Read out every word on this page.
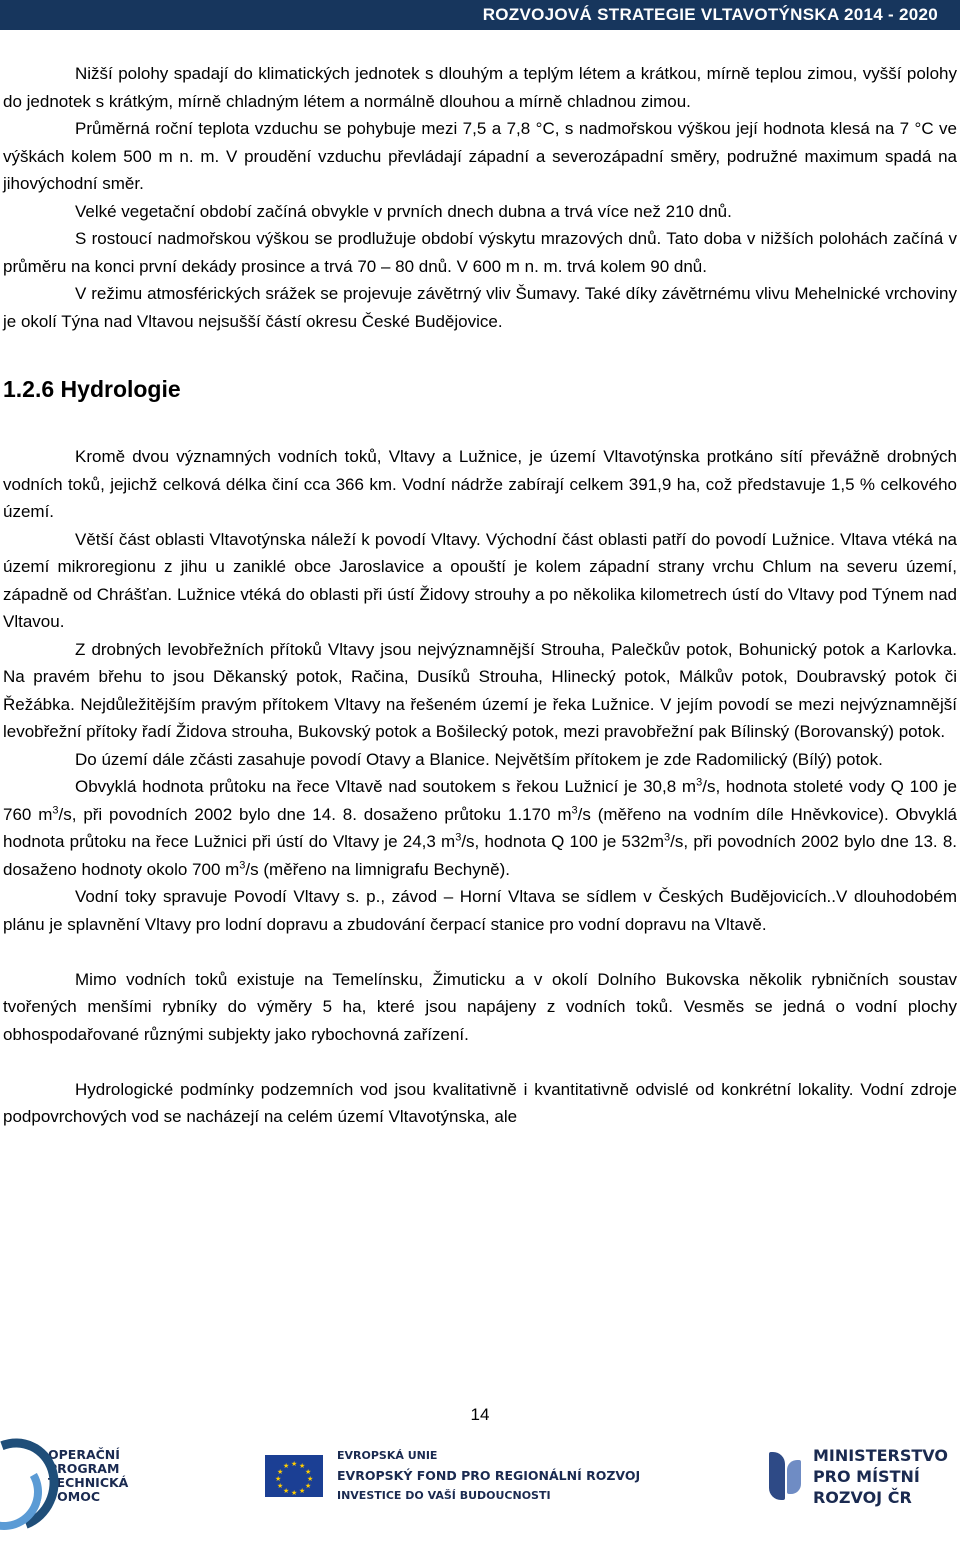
ROZVOJOVÁ STRATEGIE VLTAVOTÝNSKA 2014 - 2020

Nižší polohy spadají do klimatických jednotek s dlouhým a teplým létem a krátkou, mírně teplou zimou, vyšší polohy do jednotek s krátkým, mírně chladným létem a normálně dlouhou a mírně chladnou zimou.

Průměrná roční teplota vzduchu se pohybuje mezi 7,5 a 7,8 °C, s nadmořskou výškou její hodnota klesá na 7 °C ve výškách kolem 500 m n. m. V proudění vzduchu převládají západní a severozápadní směry, podružné maximum spadá na jihovýchodní směr.

Velké vegetační období začíná obvykle v prvních dnech dubna a trvá více než 210 dnů.

S rostoucí nadmořskou výškou se prodlužuje období výskytu mrazových dnů. Tato doba v nižších polohách začíná v průměru na konci první dekády prosince a trvá 70 – 80 dnů. V 600 m n. m. trvá kolem 90 dnů.

V režimu atmosférických srážek se projevuje závětrný vliv Šumavy. Také díky závětrnému vlivu Mehelnické vrchoviny je okolí Týna nad Vltavou nejsušší částí okresu České Budějovice.

1.2.6 Hydrologie

Kromě dvou významných vodních toků, Vltavy a Lužnice, je území Vltavotýnska protkáno sítí převážně drobných vodních toků, jejichž celková délka činí cca 366 km. Vodní nádrže zabírají celkem 391,9 ha, což představuje 1,5 % celkového území.

Větší část oblasti Vltavotýnska náleží k povodí Vltavy. Východní část oblasti patří do povodí Lužnice. Vltava vtéká na území mikroregionu z jihu u zaniklé obce Jaroslavice a opouští je kolem západní strany vrchu Chlum na severu území, západně od Chrášťan. Lužnice vtéká do oblasti při ústí Židovy strouhy a po několika kilometrech ústí do Vltavy pod Týnem nad Vltavou.

Z drobných levobřežních přítoků Vltavy jsou nejvýznamnější Strouha, Palečkův potok, Bohunický potok a Karlovka. Na pravém břehu to jsou Děkanský potok, Račina, Dusíků Strouha, Hlinecký potok, Málkův potok, Doubravský potok či Řežábka. Nejdůležitějším pravým přítokem Vltavy na řešeném území je řeka Lužnice. V jejím povodí se mezi nejvýznamnější levobřežní přítoky řadí Židova strouha, Bukovský potok a Bošilecký potok, mezi pravobřežní pak Bílinský (Borovanský) potok.

Do území dále zčásti zasahuje povodí Otavy a Blanice. Největším přítokem je zde Radomilický (Bílý) potok.

Obvyklá hodnota průtoku na řece Vltavě nad soutokem s řekou Lužnicí je 30,8 $m^3/s$, hodnota stoleté vody Q 100 je 760 $m^3/s$, při povodních 2002 bylo dne 14. 8. dosaženo průtoku 1.170 $m^3/s$ (měřeno na vodním díle Hněvkovice). Obvyklá hodnota průtoku na řece Lužnici při ústí do Vltavy je 24,3 $m^3/s$, hodnota Q 100 je $532m^3/s$, při povodních 2002 bylo dne 13. 8. dosaženo hodnoty okolo 700 $m^3/s$ (měřeno na limnigrafu Bechyně).

Vodní toky spravuje Povodí Vltavy s. p., závod – Horní Vltava se sídlem v Českých Budějovicích..V dlouhodobém plánu je splavnění Vltavy pro lodní dopravu a zbudování čerpací stanice pro vodní dopravu na Vltavě.

Mimo vodních toků existuje na Temelínsku, Žimuticku a v okolí Dolního Bukovska několik rybničních soustav tvořených menšími rybníky do výměry 5 ha, které jsou napájeny z vodních toků. Vesměs se jedná o vodní plochy obhospodařované různými subjekty jako rybochovná zařízení.

Hydrologické podmínky podzemních vod jsou kvalitativně i kvantitativně odvislé od konkrétní lokality. Vodní zdroje podpovrchových vod se nacházejí na celém území Vltavotýnska, ale

14
OPERAČNÍ
PROGRAM
TECHNICKÁ
POMOC
★ ★
★
★
★
★
★
★
★
★
★
★
EVROPSKÁ UNIE
EVROPSKÝ FOND PRO REGIONÁLNÍ ROZVOJ
INVESTICE DO VAŠÍ BUDOUCNOSTI
MINISTERSTVO
PRO MÍSTNÍ
ROZVOJ ČR
